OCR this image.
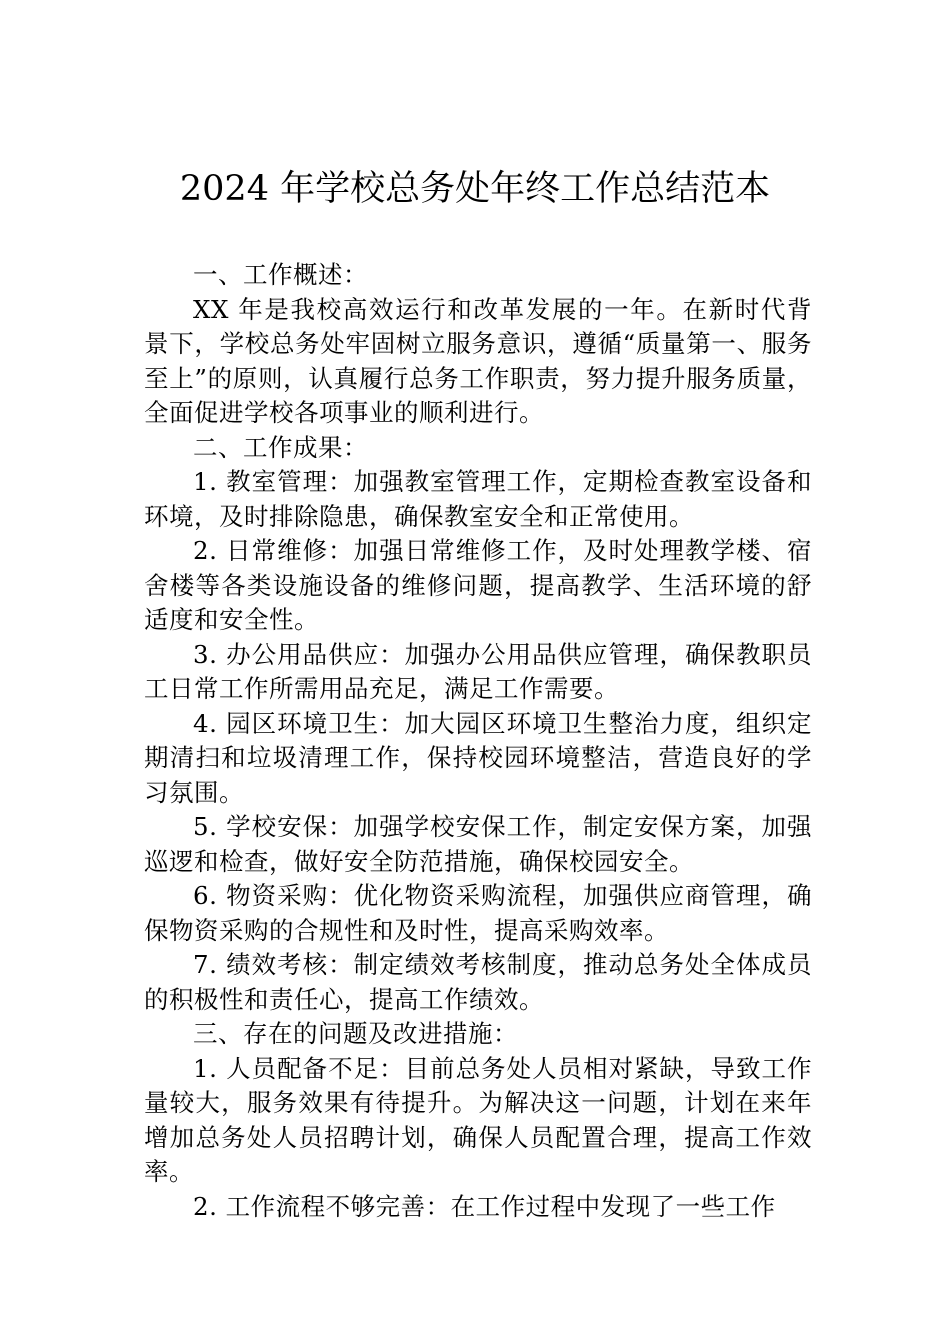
2024 年学校总务处年终工作总结范本

一、工作概述：

XX 年是我校高效运行和改革发展的一年。在新时代背景下，学校总务处牢固树立服务意识，遵循“质量第一、服务至上”的原则，认真履行总务工作职责，努力提升服务质量，全面促进学校各项事业的顺利进行。

二、工作成果：

1. 教室管理：加强教室管理工作，定期检查教室设备和环境，及时排除隐患，确保教室安全和正常使用。

2. 日常维修：加强日常维修工作，及时处理教学楼、宿舍楼等各类设施设备的维修问题，提高教学、生活环境的舒适度和安全性。

3. 办公用品供应：加强办公用品供应管理，确保教职员工日常工作所需用品充足，满足工作需要。

4. 园区环境卫生：加大园区环境卫生整治力度，组织定期清扫和垃圾清理工作，保持校园环境整洁，营造良好的学习氛围。

5. 学校安保：加强学校安保工作，制定安保方案，加强巡逻和检查，做好安全防范措施，确保校园安全。

6. 物资采购：优化物资采购流程，加强供应商管理，确保物资采购的合规性和及时性，提高采购效率。

7. 绩效考核：制定绩效考核制度，推动总务处全体成员的积极性和责任心，提高工作绩效。

三、存在的问题及改进措施：

1. 人员配备不足：目前总务处人员相对紧缺，导致工作量较大，服务效果有待提升。为解决这一问题，计划在来年增加总务处人员招聘计划，确保人员配置合理，提高工作效率。

2. 工作流程不够完善：在工作过程中发现了一些工作
